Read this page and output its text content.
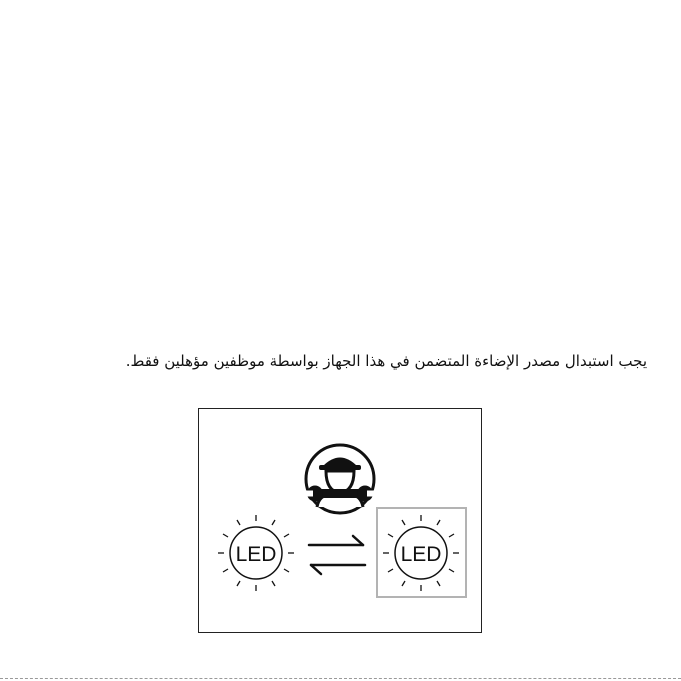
يجب استبدال مصدر الإضاءة المتضمن في هذا الجهاز بواسطة موظفين مؤهلين فقط.

LED	LED
